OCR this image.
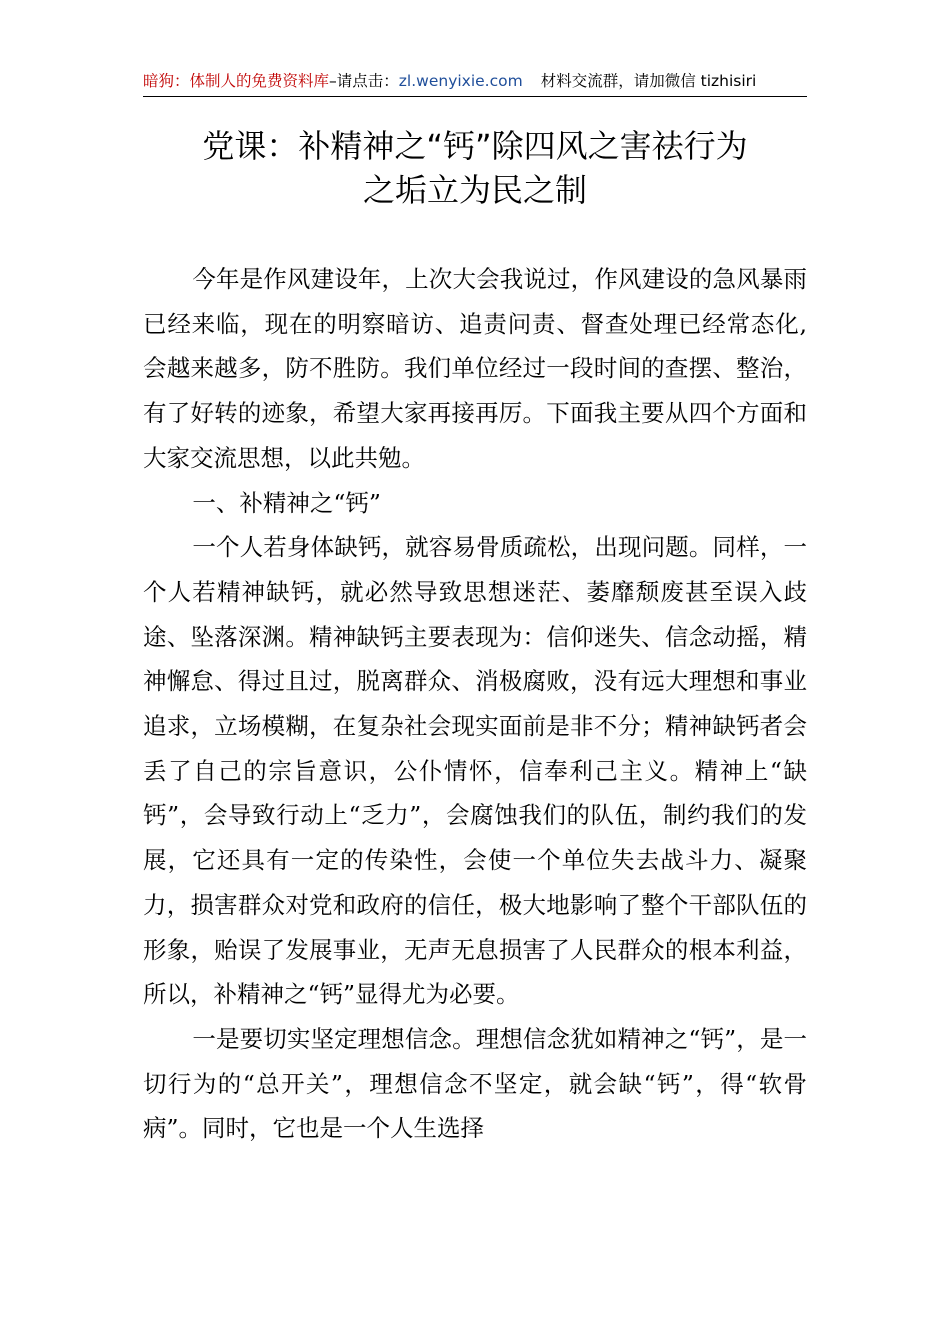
暗狗：体制人的免费资料库–请点击：zl.wenyixie.com 材料交流群，请加微信 tizhisiri
党课：补精神之“钙”除四风之害祛行为
之垢立为民之制

今年是作风建设年，上次大会我说过，作风建设的急风暴雨已经来临，现在的明察暗访、追责问责、督查处理已经常态化,会越来越多，防不胜防。我们单位经过一段时间的查摆、整治，有了好转的迹象，希望大家再接再厉。下面我主要从四个方面和大家交流思想，以此共勉。

一、补精神之“钙”

一个人若身体缺钙，就容易骨质疏松，出现问题。同样，一个人若精神缺钙，就必然导致思想迷茫、萎靡颓废甚至误入歧途、坠落深渊。精神缺钙主要表现为：信仰迷失、信念动摇，精神懈怠、得过且过，脱离群众、消极腐败，没有远大理想和事业追求，立场模糊，在复杂社会现实面前是非不分；精神缺钙者会丢了自己的宗旨意识，公仆情怀，信奉利己主义。精神上“缺钙”，会导致行动上“乏力”，会腐蚀我们的队伍，制约我们的发展，它还具有一定的传染性，会使一个单位失去战斗力、凝聚力，损害群众对党和政府的信任，极大地影响了整个干部队伍的形象，贻误了发展事业，无声无息损害了人民群众的根本利益，所以，补精神之“钙”显得尤为必要。

一是要切实坚定理想信念。理想信念犹如精神之“钙”，是一切行为的“总开关”，理想信念不坚定，就会缺“钙”，得“软骨病”。同时，它也是一个人生选择
